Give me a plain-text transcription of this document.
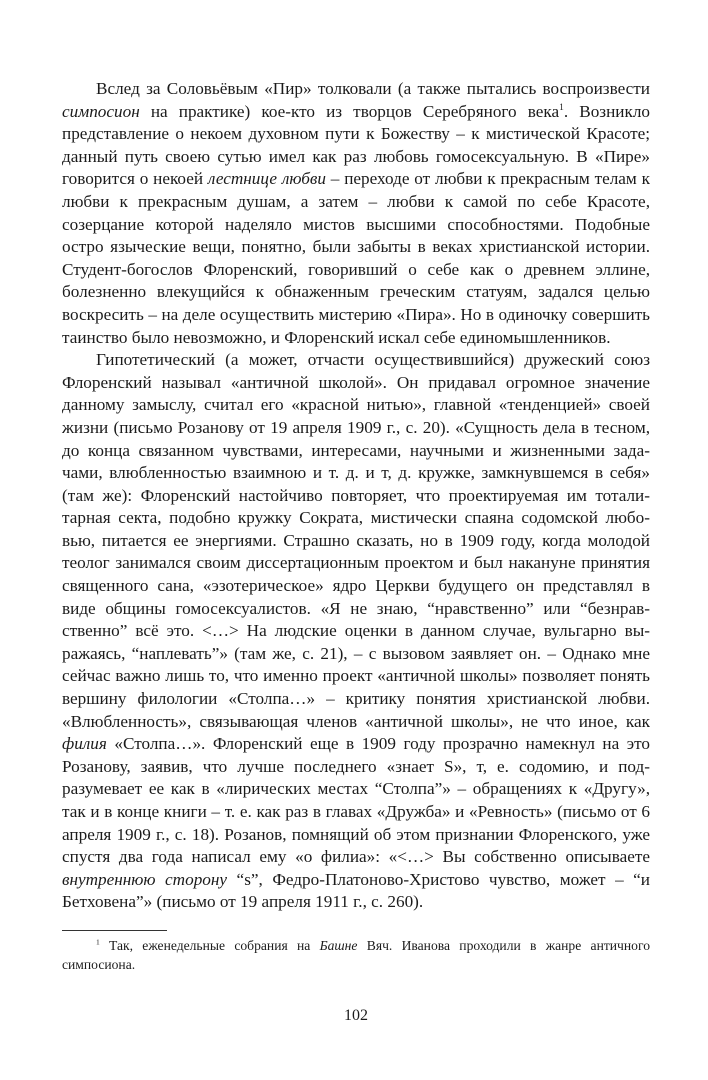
Вслед за Соловьёвым «Пир» толковали (а также пытались воспроизвести симпосион на практике) кое-кто из творцов Серебряного века$^1$. Возникло представление о некоем духовном пути к Божеству – к мистической Красоте; данный путь своею сутью имел как раз любовь гомосексуальную. В «Пире» говорится о некоей лестнице любви – переходе от любви к прекрасным телам к любви к прекрасным душам, а затем – любви к самой по себе Красоте, созерцание которой наделяло мистов высшими способностями. Подобные остро языческие вещи, понятно, были забыты в веках христианской истории. Студент-богослов Флоренский, говоривший о себе как о древнем эллине, болезненно влекущийся к обнаженным греческим статуям, задался целью воскресить – на деле осуществить мистерию «Пира». Но в одиночку совершить таинство было невозможно, и Флоренский искал себе единомышленников.

Гипотетический (а может, отчасти осуществившийся) дружеский союз Флоренский называл «античной школой». Он придавал огромное значение данному замыслу, считал его «красной нитью», главной «тенденцией» своей жизни (письмо Розанову от 19 апреля 1909 г., с. 20). «Сущность дела в тесном, до конца связанном чувствами, интересами, научными и жизненными задачами, влюбленностью взаимною и т. д. и т, д. кружке, замкнувшемся в себя» (там же): Флоренский настойчиво повторяет, что проектируемая им тоталитарная секта, подобно кружку Сократа, мистически спаяна содомской любовью, питается ее энергиями. Страшно сказать, но в 1909 году, когда молодой теолог занимался своим диссертационным проектом и был накануне принятия священного сана, «эзотерическое» ядро Церкви будущего он представлял в виде общины гомосексуалистов. «Я не знаю, “нравственно” или “безнравственно” всё это. <…> На людские оценки в данном случае, вульгарно выражаясь, “наплевать”» (там же, с. 21), – с вызовом заявляет он. – Однако мне сейчас важно лишь то, что именно проект «античной школы» позволяет понять вершину филологии «Столпа…» – критику понятия христианской любви. «Влюбленность», связывающая членов «античной школы», не что иное, как филия «Столпа…». Флоренский еще в 1909 году прозрачно намекнул на это Розанову, заявив, что лучше последнего «знает S», т, е. содомию, и подразумевает ее как в «лирических местах “Столпа”» – обращениях к «Другу», так и в конце книги – т. е. как раз в главах «Дружба» и «Ревность» (письмо от 6 апреля 1909 г., с. 18). Розанов, помнящий об этом признании Флоренского, уже спустя два года написал ему «о филиа»: «<…> Вы собственно описываете внутреннюю сторону “s”, Федро-Платоново-Христово чувство, может – “и Бетховена”» (письмо от 19 апреля 1911 г., с. 260).

$^1$ Так, еженедельные собрания на Башне Вяч. Иванова проходили в жанре античного симпосиона.

102
